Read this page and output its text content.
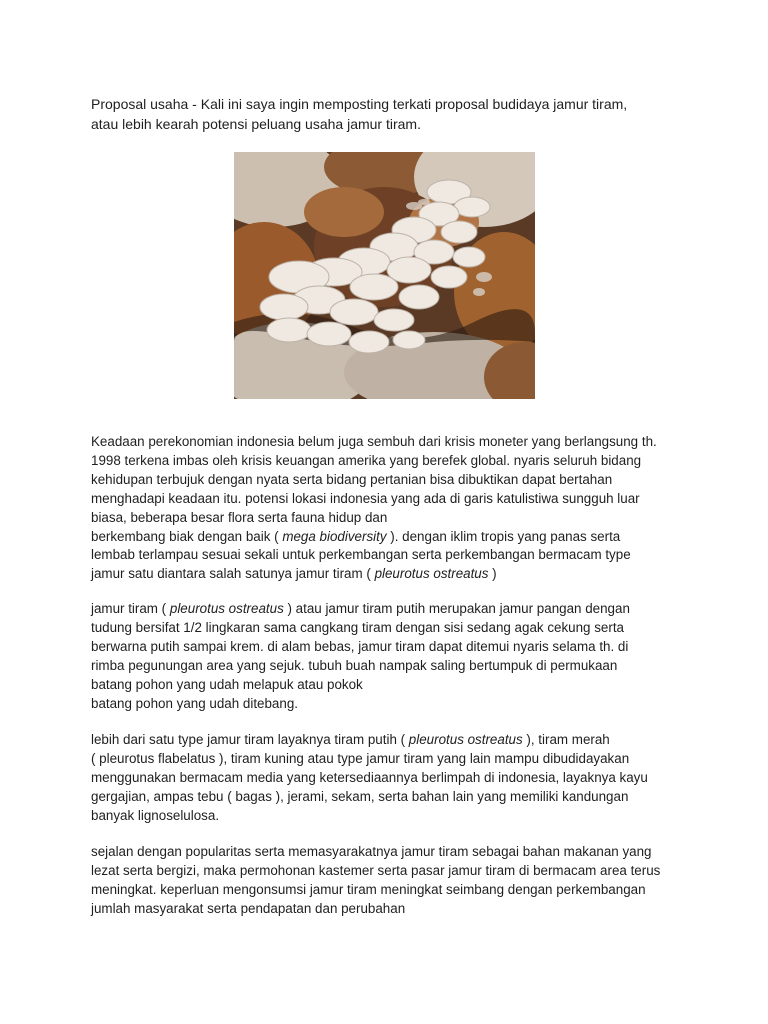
Proposal usaha - Kali ini saya ingin memposting terkati proposal budidaya jamur tiram,
atau lebih kearah potensi peluang usaha jamur tiram.

Keadaan perekonomian indonesia belum juga sembuh dari krisis moneter yang berlangsung th.
1998 terkena imbas oleh krisis keuangan amerika yang berefek global. nyaris seluruh bidang
kehidupan terbujuk dengan nyata serta bidang pertanian bisa dibuktikan dapat bertahan
menghadapi keadaan itu. potensi lokasi indonesia yang ada di garis katulistiwa sungguh luar
biasa, beberapa besar flora serta fauna hidup dan
berkembang biak dengan baik ( mega biodiversity ). dengan iklim tropis yang panas serta
lembab terlampau sesuai sekali untuk perkembangan serta perkembangan bermacam type
jamur satu diantara salah satunya jamur tiram ( pleurotus ostreatus )

jamur tiram ( pleurotus ostreatus ) atau jamur tiram putih merupakan jamur pangan dengan
tudung bersifat 1/2 lingkaran sama cangkang tiram dengan sisi sedang agak cekung serta
berwarna putih sampai krem. di alam bebas, jamur tiram dapat ditemui nyaris selama th. di
rimba pegunungan area yang sejuk. tubuh buah nampak saling bertumpuk di permukaan
batang pohon yang udah melapuk atau pokok
batang pohon yang udah ditebang.

lebih dari satu type jamur tiram layaknya tiram putih ( pleurotus ostreatus ), tiram merah
( pleurotus flabelatus ), tiram kuning atau type jamur tiram yang lain mampu dibudidayakan
menggunakan bermacam media yang ketersediaannya berlimpah di indonesia, layaknya kayu
gergajian, ampas tebu ( bagas ), jerami, sekam, serta bahan lain yang memiliki kandungan
banyak lignoselulosa.

sejalan dengan popularitas serta memasyarakatnya jamur tiram sebagai bahan makanan yang
lezat serta bergizi, maka permohonan kastemer serta pasar jamur tiram di bermacam area terus
meningkat. keperluan mengonsumsi jamur tiram meningkat seimbang dengan perkembangan
jumlah masyarakat serta pendapatan dan perubahan
